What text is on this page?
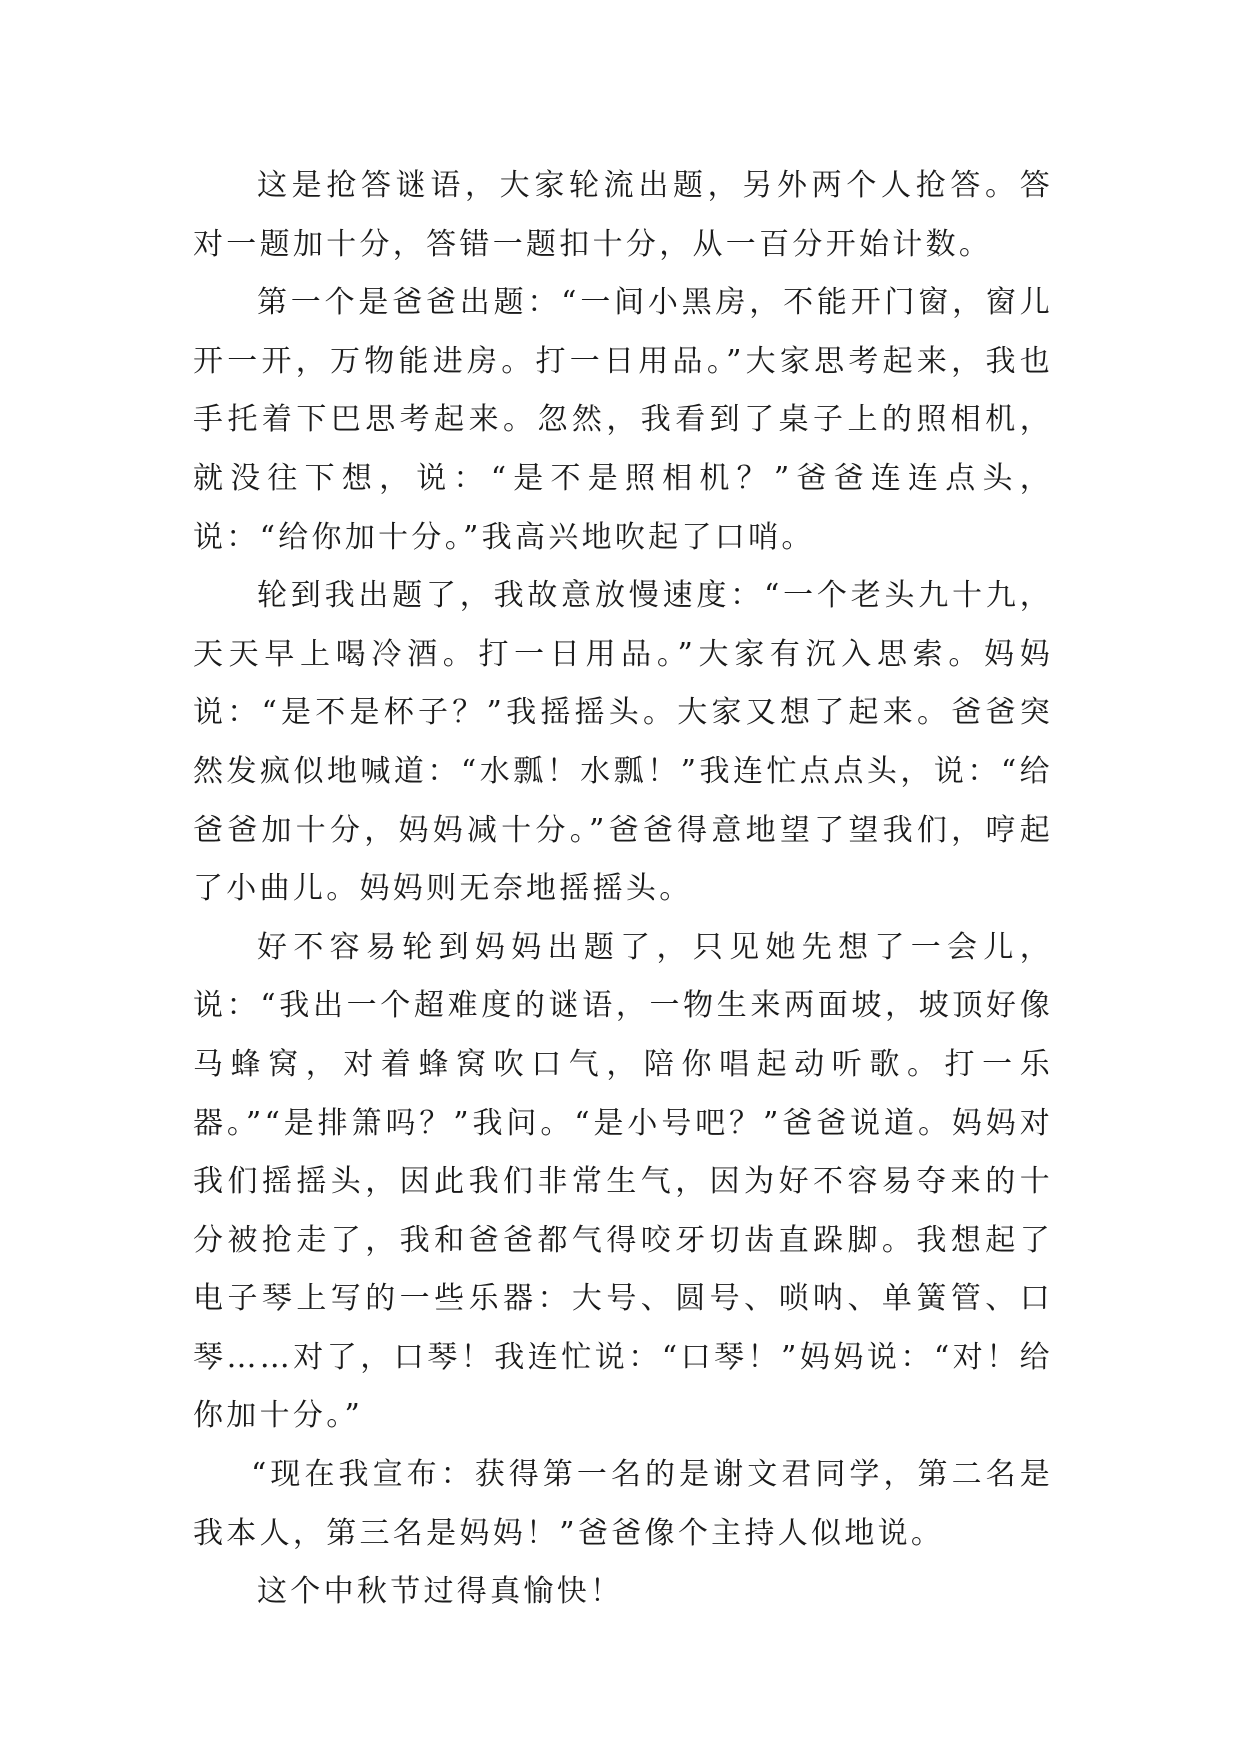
这是抢答谜语，大家轮流出题，另外两个人抢答。答对一题加十分，答错一题扣十分，从一百分开始计数。

第一个是爸爸出题：“一间小黑房，不能开门窗，窗儿开一开，万物能进房。打一日用品。”大家思考起来，我也手托着下巴思考起来。忽然，我看到了桌子上的照相机，就没往下想，说：“是不是照相机？”爸爸连连点头，说：“给你加十分。”我高兴地吹起了口哨。

轮到我出题了，我故意放慢速度：“一个老头九十九，天天早上喝冷酒。打一日用品。”大家有沉入思索。妈妈说：“是不是杯子？”我摇摇头。大家又想了起来。爸爸突然发疯似地喊道：“水瓢！水瓢！”我连忙点点头，说：“给爸爸加十分，妈妈减十分。”爸爸得意地望了望我们，哼起了小曲儿。妈妈则无奈地摇摇头。

好不容易轮到妈妈出题了，只见她先想了一会儿，说：“我出一个超难度的谜语，一物生来两面坡，坡顶好像马蜂窝，对着蜂窝吹口气，陪你唱起动听歌。打一乐器。”“是排箫吗？”我问。“是小号吧？”爸爸说道。妈妈对我们摇摇头，因此我们非常生气，因为好不容易夺来的十分被抢走了，我和爸爸都气得咬牙切齿直跺脚。我想起了电子琴上写的一些乐器：大号、圆号、唢呐、单簧管、口琴……对了，口琴！我连忙说：“口琴！”妈妈说：“对！给你加十分。”

“现在我宣布：获得第一名的是谢文君同学，第二名是我本人，第三名是妈妈！”爸爸像个主持人似地说。

这个中秋节过得真愉快！
